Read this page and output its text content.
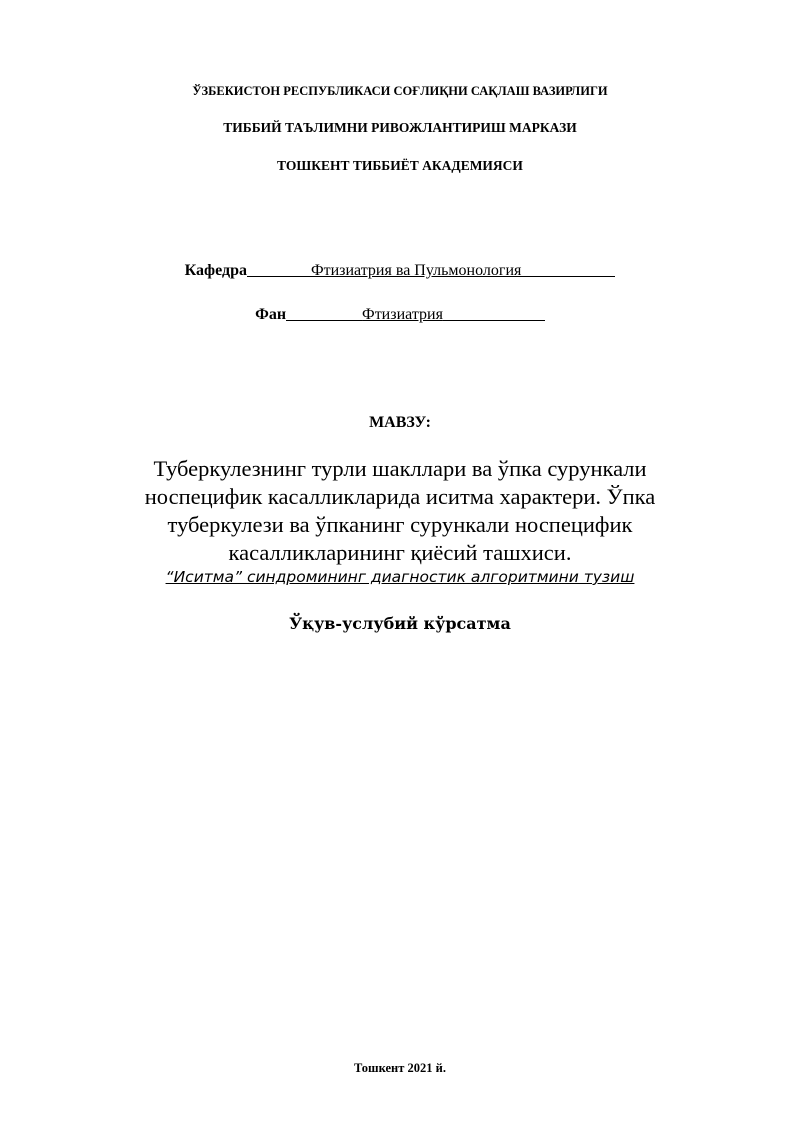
ЎЗБЕКИСТОН РЕСПУБЛИКАСИ СОҒЛИҚНИ САҚЛАШ ВАЗИРЛИГИ
ТИББИЙ ТАЪЛИМНИ РИВОЖЛАНТИРИШ МАРКАЗИ
ТОШКЕНТ ТИББИЁТ АКАДЕМИЯСИ
Кафедра	Фтизиатрия ва Пульмонология
Фан	Фтизиатрия
МАВЗУ:
Туберкулезнинг турли шакллари ва ўпка сурункали
носпецифик касалликларида иситма характери. Ўпка
туберкулези ва ўпканинг сурункали носпецифик
касалликларининг қиёсий ташхиси.
“Иситма” синдромининг диагностик алгоритмини тузиш
Ўқув-услубий кўрсатма
Тошкент 2021 й.
